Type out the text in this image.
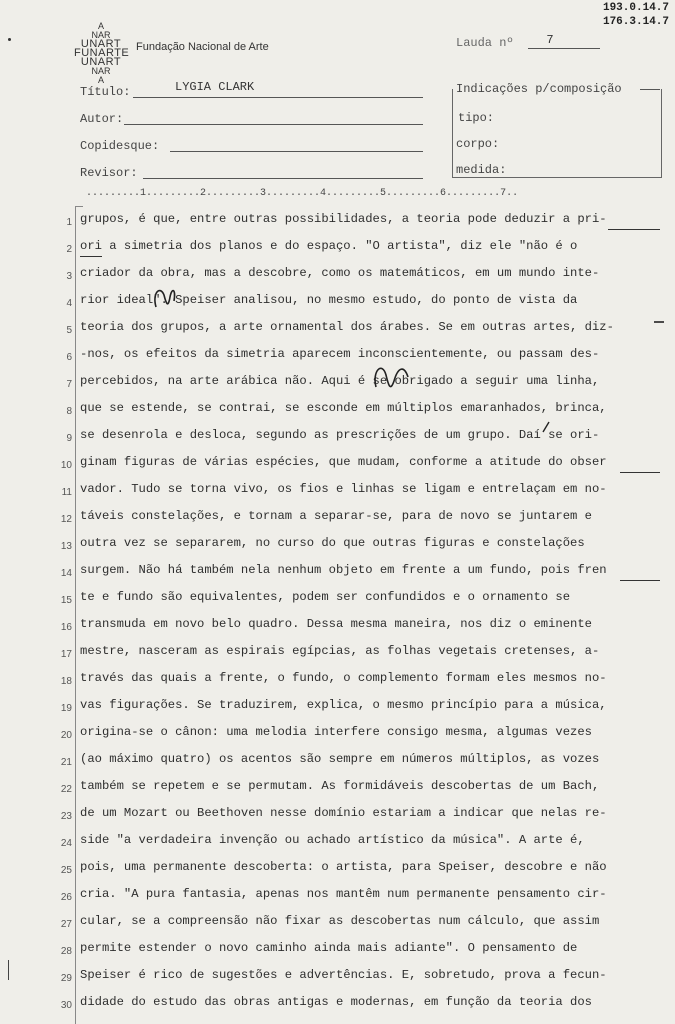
193.0.14.7
176.3.14.7
A
NAR
UNART
FUNARTE
UNART
NAR
A
Fundação Nacional de Arte	Lauda nº	7
Título:	LYGIA CLARK
Autor:
Copidesque:
Revisor:
Indicações p/composição
tipo:
corpo:
medida:
.........1.........2.........3.........4.........5.........6.........7..
1
2
3
4
5
6
7
8
9
10
11
12
13
14
15
16
17
18
19
20
21
22
23
24
25
26
27
28
29
30
grupos, é que, entre outras possibilidades, a teoria pode deduzir a pri-
ori a simetria dos planos e do espaço. "O artista", diz ele "não é o
criador da obra, mas a descobre, como os matemáticos, em um mundo inte-
rior ideal". Speiser analisou, no mesmo estudo, do ponto de vista da
teoria dos grupos, a arte ornamental dos árabes. Se em outras artes, diz-
-nos, os efeitos da simetria aparecem inconscientemente, ou passam des-
percebidos, na arte arábica não. Aqui é se obrigado a seguir uma linha,
que se estende, se contrai, se esconde em múltiplos emaranhados, brinca,
se desenrola e desloca, segundo as prescrições de um grupo. Daí se ori-
ginam figuras de várias espécies, que mudam, conforme a atitude do obser
vador. Tudo se torna vivo, os fios e linhas se ligam e entrelaçam em no-
táveis constelações, e tornam a separar-se, para de novo se juntarem e
outra vez se separarem, no curso do que outras figuras e constelações
surgem. Não há também nela nenhum objeto em frente a um fundo, pois fren
te e fundo são equivalentes, podem ser confundidos e o ornamento se
transmuda em novo belo quadro. Dessa mesma maneira, nos diz o eminente
mestre, nasceram as espirais egípcias, as folhas vegetais cretenses, a-
través das quais a frente, o fundo, o complemento formam eles mesmos no-
vas figurações. Se traduzirem, explica, o mesmo princípio para a música,
origina-se o cânon: uma melodia interfere consigo mesma, algumas vezes
(ao máximo quatro) os acentos são sempre em números múltiplos, as vozes
também se repetem e se permutam. As formidáveis descobertas de um Bach,
de um Mozart ou Beethoven nesse domínio estariam a indicar que nelas re-
side "a verdadeira invenção ou achado artístico da música". A arte é,
pois, uma permanente descoberta: o artista, para Speiser, descobre e não
cria. "A pura fantasia, apenas nos mantêm num permanente pensamento cir-
cular, se a compreensão não fixar as descobertas num cálculo, que assim
permite estender o novo caminho ainda mais adiante". O pensamento de
Speiser é rico de sugestões e advertências. E, sobretudo, prova a fecun-
didade do estudo das obras antigas e modernas, em função da teoria dos
